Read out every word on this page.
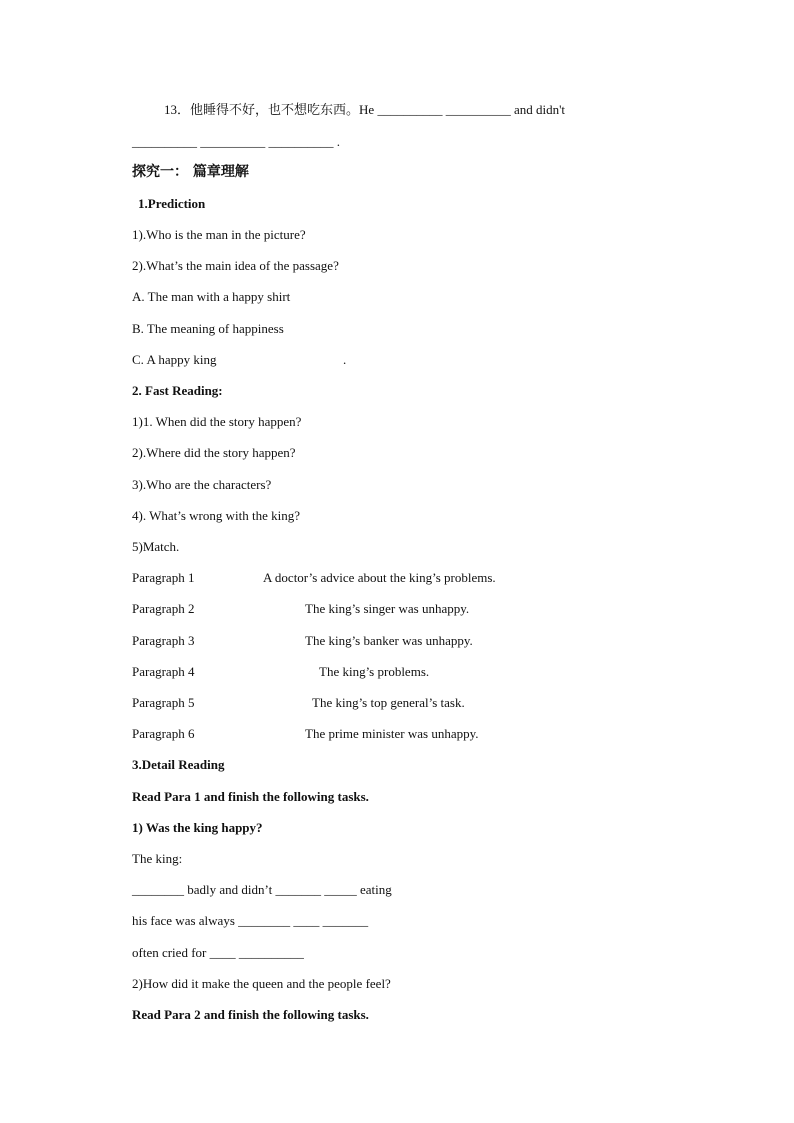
13．他睡得不好，也不想吃东西。He __________ __________ and didn't
__________ __________ __________ .
探究一： 篇章理解
1.Prediction
1).Who is the man in the picture?
2).What’s the main idea of the passage?
A. The man with a happy shirt
B. The meaning of happiness
C. A happy king	.
2. Fast Reading:
1)1. When did the story happen?
2).Where did the story happen?
3).Who are the characters?
4). What’s wrong with the king?
5)Match.
Paragraph 1	A doctor’s advice about the king’s problems.
Paragraph 2	The king’s singer was unhappy.
Paragraph 3	The king’s banker was unhappy.
Paragraph 4	The king’s problems.
Paragraph 5	The king’s top general’s task.
Paragraph 6	The prime minister was unhappy.
3.Detail Reading
Read Para 1 and finish the following tasks.
1) Was the king happy?
The king:
________ badly and didn’t _______ _____ eating
his face was always ________ ____ _______
often cried for ____ __________
2)How did it make the queen and the people feel?
Read Para 2 and finish the following tasks.
